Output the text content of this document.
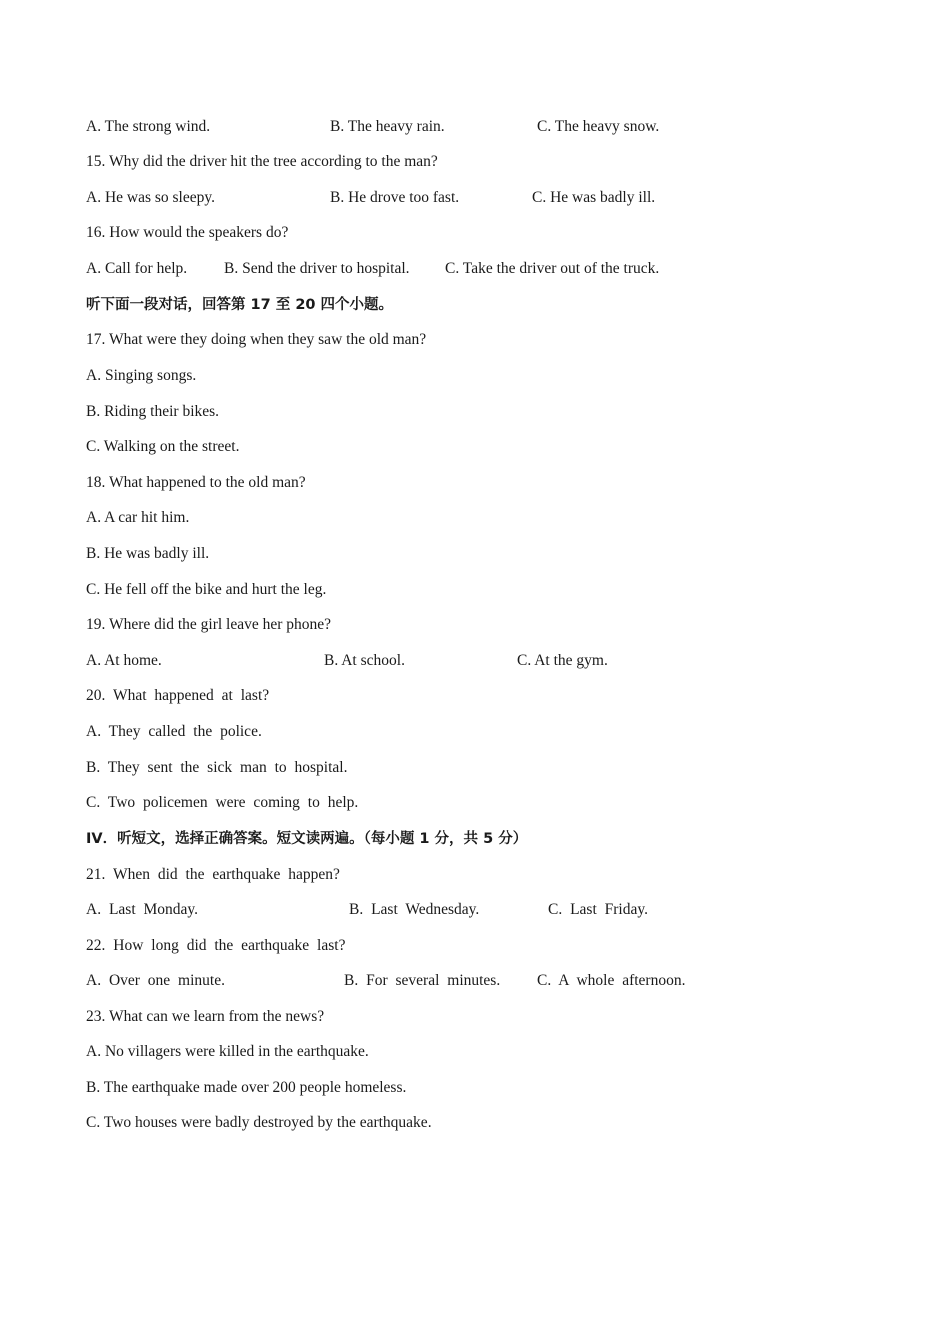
A. The strong wind.	B. The heavy rain.	C. The heavy snow.
15. Why did the driver hit the tree according to the man?
A. He was so sleepy.	B. He drove too fast.	C. He was badly ill.
16. How would the speakers do?
A. Call for help. B. Send the driver to hospital. C. Take the driver out of the truck.
听下面一段对话，回答第 17 至 20 四个小题。
17. What were they doing when they saw the old man?
A. Singing songs.
B. Riding their bikes.
C. Walking on the street.
18. What happened to the old man?
A. A car hit him.
B. He was badly ill.
C. He fell off the bike and hurt the leg.
19. Where did the girl leave her phone?
A. At home.	B. At school.	C. At the gym.
20. What happened at last?
A. They called the police.
B. They sent the sick man to hospital.
C. Two policemen were coming to help.
IV．听短文，选择正确答案。短文读两遍。（每小题 1 分，共 5 分）
21. When did the earthquake happen?
A. Last Monday.	B. Last Wednesday.	C. Last Friday.
22. How long did the earthquake last?
A. Over one minute.	B. For several minutes. C. A whole afternoon.
23. What can we learn from the news?
A. No villagers were killed in the earthquake.
B. The earthquake made over 200 people homeless.
C. Two houses were badly destroyed by the earthquake.
